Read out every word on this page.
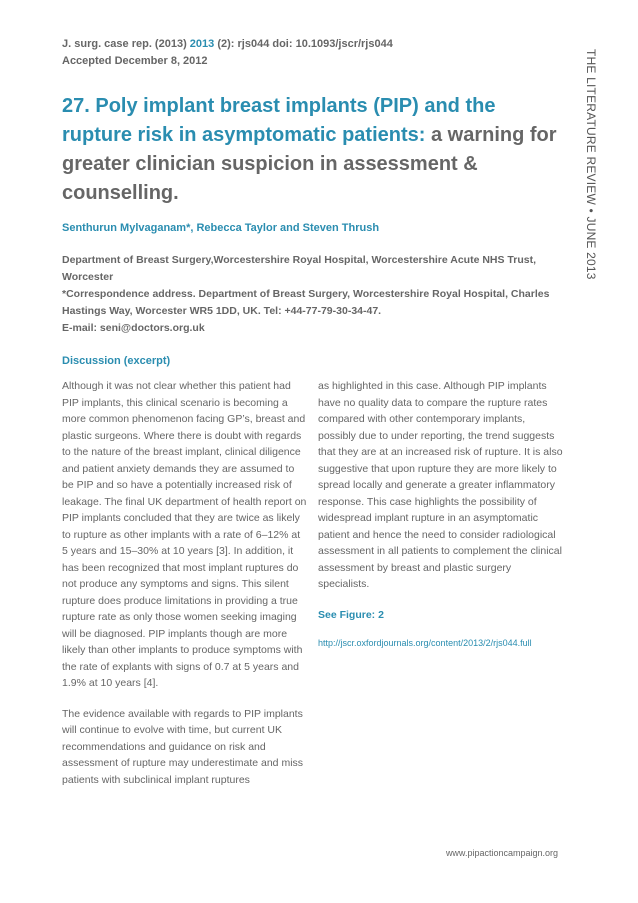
J. surg. case rep. (2013) 2013 (2): rjs044 doi: 10.1093/jscr/rjs044
Accepted December 8, 2012
27. Poly implant breast implants (PIP) and the rupture risk in asymptomatic patients: a warning for greater clinician suspicion in assessment & counselling.
Senthurun Mylvaganam*, Rebecca Taylor and Steven Thrush
Department of Breast Surgery,Worcestershire Royal Hospital, Worcestershire Acute NHS Trust, Worcester
*Correspondence address. Department of Breast Surgery, Worcestershire Royal Hospital, Charles Hastings Way, Worcester WR5 1DD, UK. Tel: +44-77-79-30-34-47.
E-mail: seni@doctors.org.uk
Discussion (excerpt)

Although it was not clear whether this patient had PIP implants, this clinical scenario is becoming a more common phenomenon facing GP’s, breast and plastic surgeons. Where there is doubt with regards to the nature of the breast implant, clinical diligence and patient anxiety demands they are assumed to be PIP and so have a potentially increased risk of leakage. The final UK department of health report on PIP implants concluded that they are twice as likely to rupture as other implants with a rate of 6–12% at 5 years and 15–30% at 10 years [3]. In addition, it has been recognized that most implant ruptures do not produce any symptoms and signs. This silent rupture does produce limitations in providing a true rupture rate as only those women seeking imaging will be diagnosed. PIP implants though are more likely than other implants to produce symptoms with the rate of explants with signs of 0.7 at 5 years and 1.9% at 10 years [4].

The evidence available with regards to PIP implants will continue to evolve with time, but current UK recommendations and guidance on risk and assessment of rupture may underestimate and miss patients with subclinical implant ruptures

as highlighted in this case. Although PIP implants have no quality data to compare the rupture rates compared with other contemporary implants, possibly due to under reporting, the trend suggests that they are at an increased risk of rupture. It is also suggestive that upon rupture they are more likely to spread locally and generate a greater inflammatory response. This case highlights the possibility of widespread implant rupture in an asymptomatic patient and hence the need to consider radiological assessment in all patients to complement the clinical assessment by breast and plastic surgery specialists.

See Figure: 2
http://jscr.oxfordjournals.org/content/2013/2/rjs044.full
www.pipactioncampaign.org
THE LITERATURE REVIEW • JUNE 2013
